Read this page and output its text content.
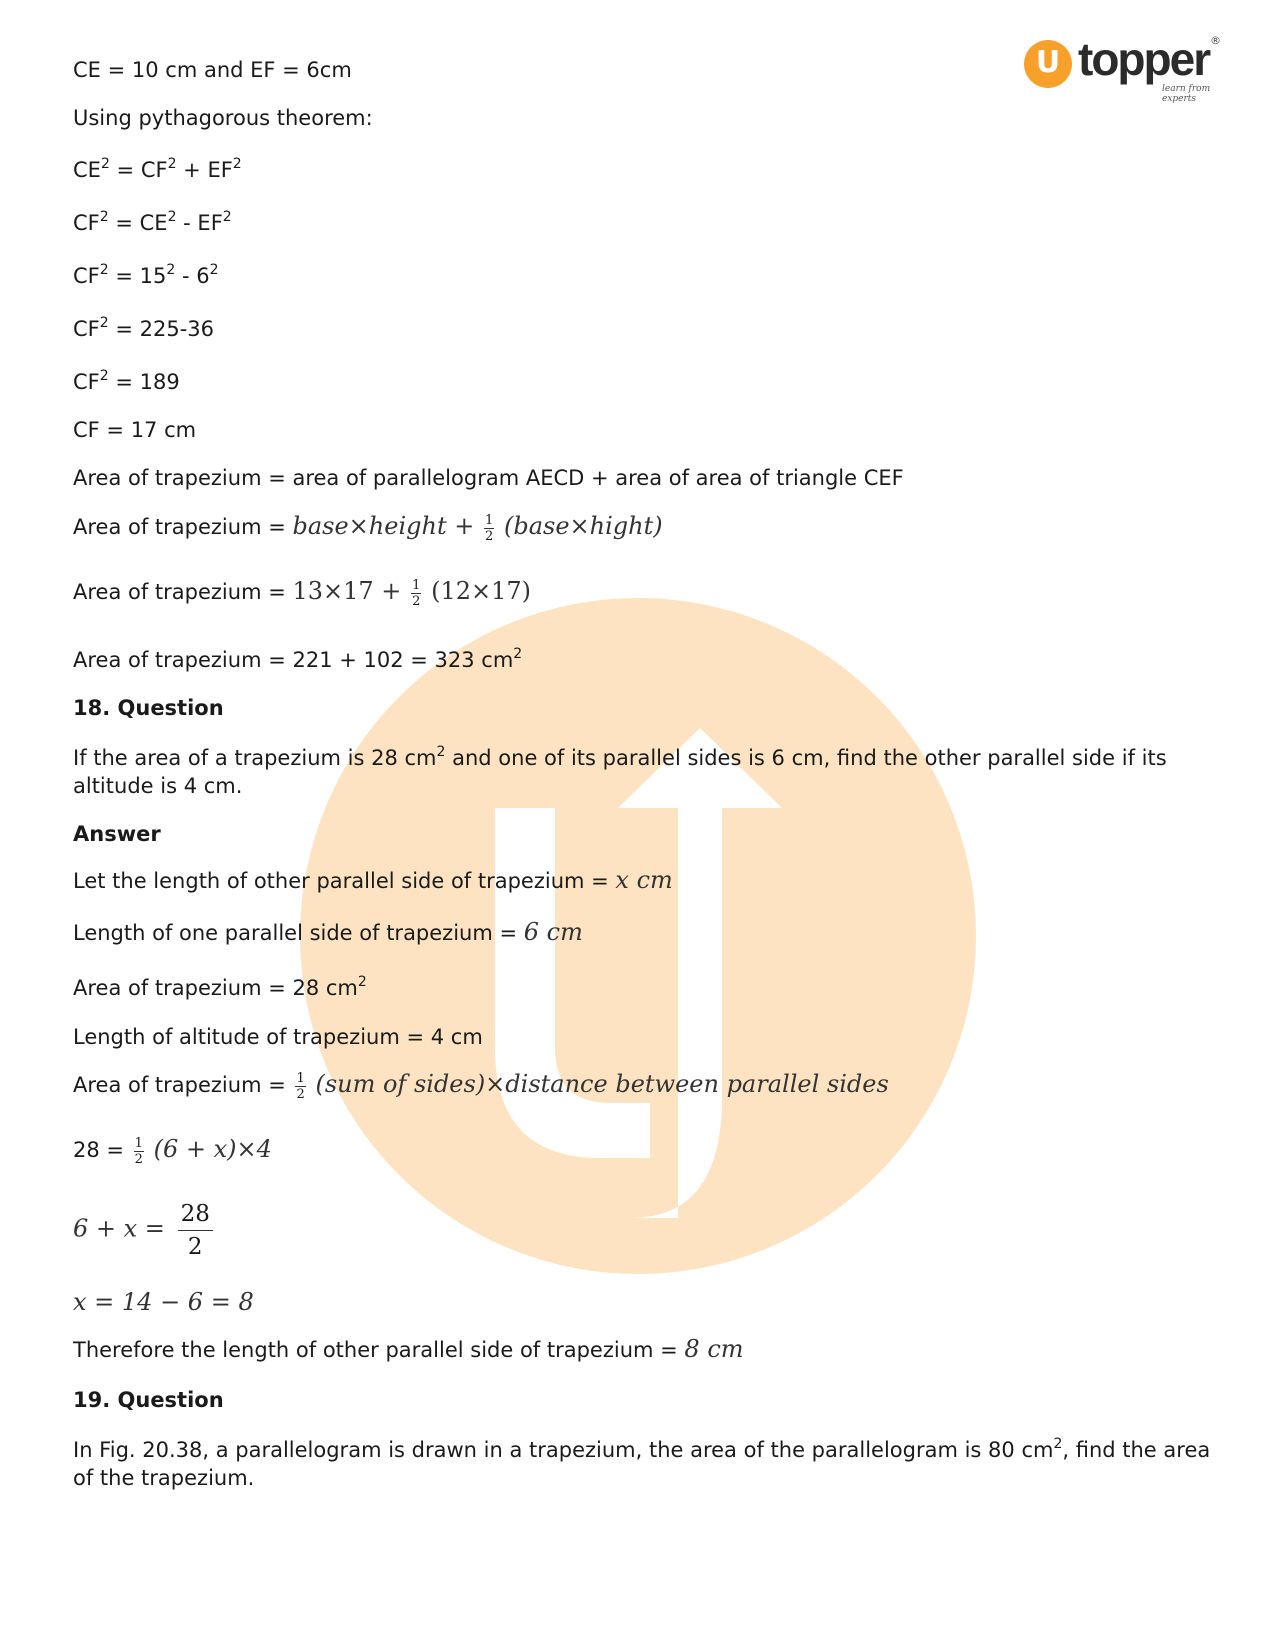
U topper
learn from experts
®
CE = 10 cm and EF = 6cm
Using pythagorous theorem:
$CE^2 = CF^2 + EF^2$
$CF^2 = CE^2 - EF^2$
$CF^2 = 15^2 - 6^2$
$CF^2 = 225-36$
$CF^2 = 189$
CF = 17 cm
Area of trapezium = area of parallelogram AECD + area of area of triangle CEF
Area of trapezium = base×height + $\frac{1}{2}$ (base×hight)
Area of trapezium = $13\times 17 + \frac{1}{2} (12\times 17)$
Area of trapezium = 221 + 102 = 323 $cm^2$
18. Question
If the area of a trapezium is 28 $cm^2$ and one of its parallel sides is 6 cm, find the other parallel side if its altitude is 4 cm.
Answer
Let the length of other parallel side of trapezium = x cm
Length of one parallel side of trapezium = 6 cm
Area of trapezium = 28 $cm^2$
Length of altitude of trapezium = 4 cm
Area of trapezium = $\frac{1}{2} (sum$ of sides)×distance between parallel sides
$28 = \frac{1}{2} (6 + x)\times 4$
$6 + x = \frac{28}{2}$
x = 14 − 6 = 8
Therefore the length of other parallel side of trapezium = 8 cm
19. Question
In Fig. 20.38, a parallelogram is drawn in a trapezium, the area of the parallelogram is 80 $cm^2$, find the area of the trapezium.
